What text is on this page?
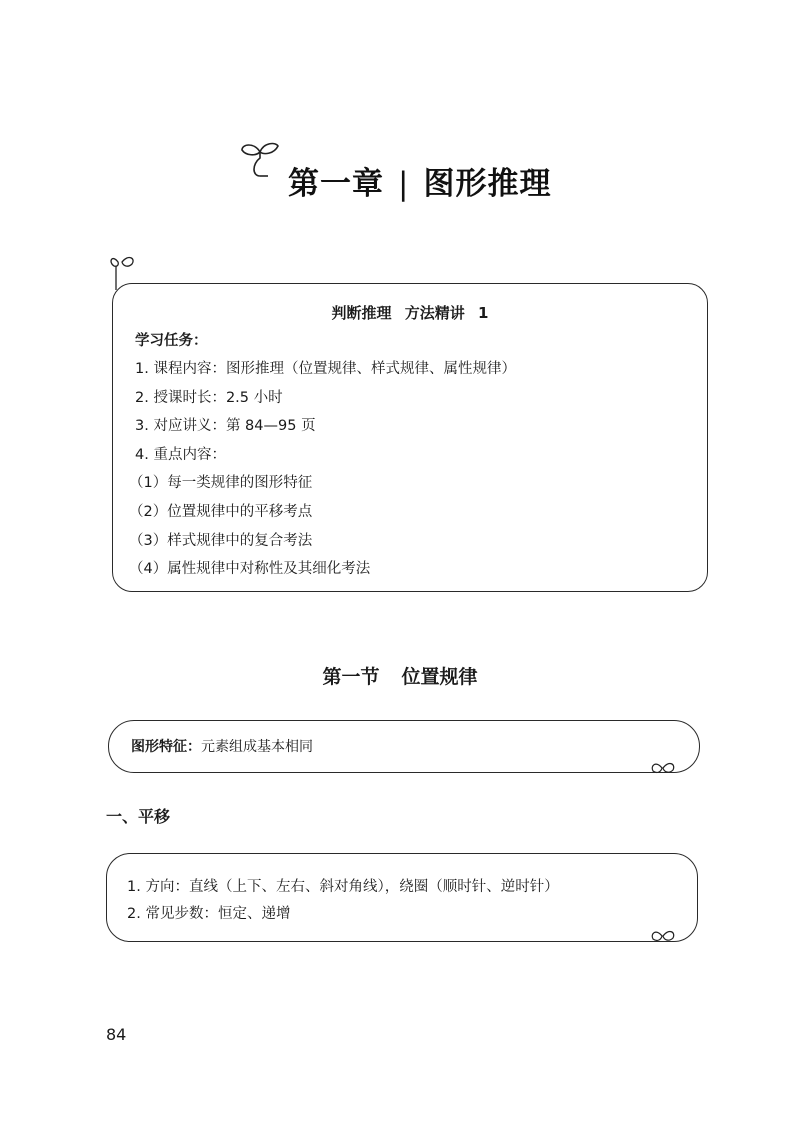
第一章 | 图形推理
判断推理 方法精讲 1
学习任务：
1. 课程内容：图形推理（位置规律、样式规律、属性规律）
2. 授课时长：2.5 小时
3. 对应讲义：第 84—95 页
4. 重点内容：
（1）每一类规律的图形特征
（2）位置规律中的平移考点
（3）样式规律中的复合考法
（4）属性规律中对称性及其细化考法
第一节 位置规律
图形特征：元素组成基本相同
一、平移
1. 方向：直线（上下、左右、斜对角线），绕圈（顺时针、逆时针）
2. 常见步数：恒定、递增
84
